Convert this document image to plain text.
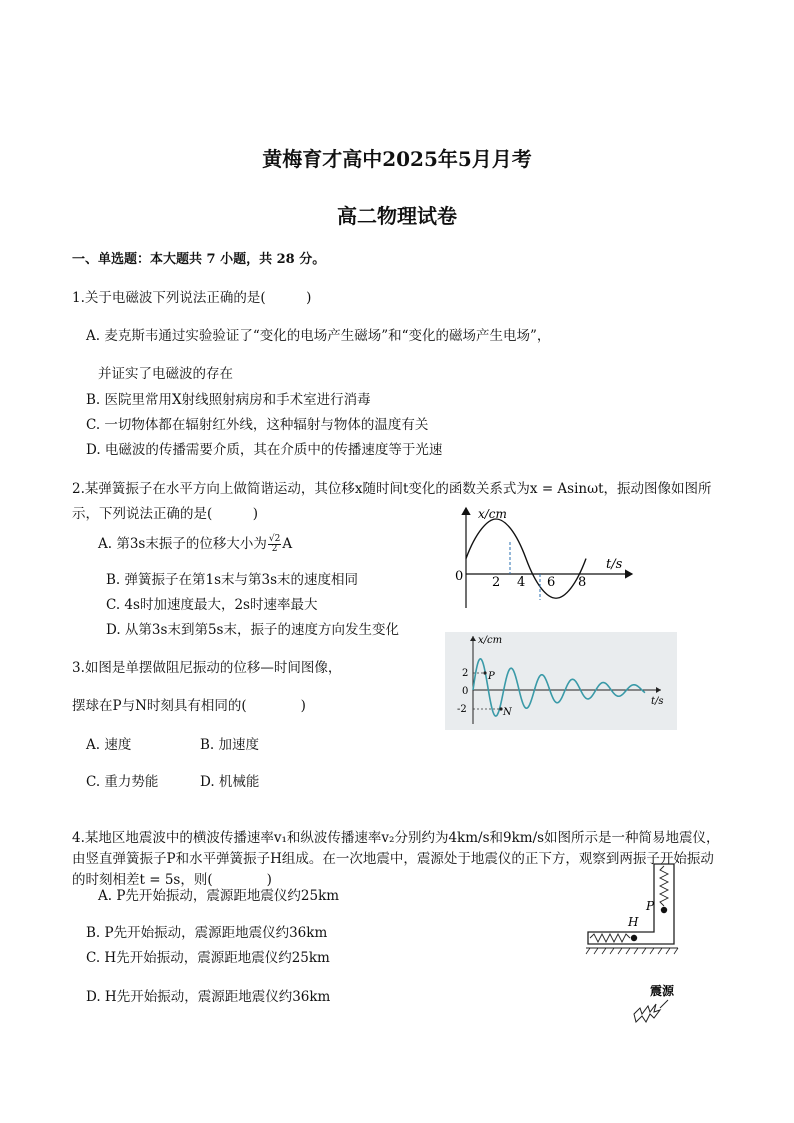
黄梅育才高中2025年5月月考
高二物理试卷
一、单选题：本大题共 7 小题，共 28 分。
1.关于电磁波下列说法正确的是(　　　)
A. 麦克斯韦通过实验验证了“变化的电场产生磁场”和“变化的磁场产生电场”，
并证实了电磁波的存在
B. 医院里常用X射线照射病房和手术室进行消毒
C. 一切物体都在辐射红外线，这种辐射与物体的温度有关
D. 电磁波的传播需要介质，其在介质中的传播速度等于光速
2.某弹簧振子在水平方向上做简谐运动，其位移x随时间t变化的函数关系式为x = Asinωt，振动图像如图所
示，下列说法正确的是(　　　)
A. 第3s末振子的位移大小为 $\frac{√2}{2}$ A
B. 弹簧振子在第1s末与第3s末的速度相同
C. 4s时加速度最大，2s时速率最大
D. 从第3s末到第5s末，振子的速度方向发生变化
x/cm
t/s
0 2 4 6 8
3.如图是单摆做阻尼振动的位移—时间图像，
摆球在P与N时刻具有相同的(　　　　)
A. 速度	B. 加速度
C. 重力势能	D. 机械能
x/cm
t/s
2
0
-2
P
N
4.某地区地震波中的横波传播速率v₁和纵波传播速率v₂分别约为4km/s和9km/s如图所示是一种简易地震仪，由竖直弹簧振子P和水平弹簧振子H组成。在一次地震中，震源处于地震仪的正下方，观察到两振子开始振动的时刻相差t = 5s，则(　　　　)
A. P先开始振动，震源距地震仪约25km
B. P先开始振动，震源距地震仪约36km
C. H先开始振动，震源距地震仪约25km
D. H先开始振动，震源距地震仪约36km
P
H
震源
